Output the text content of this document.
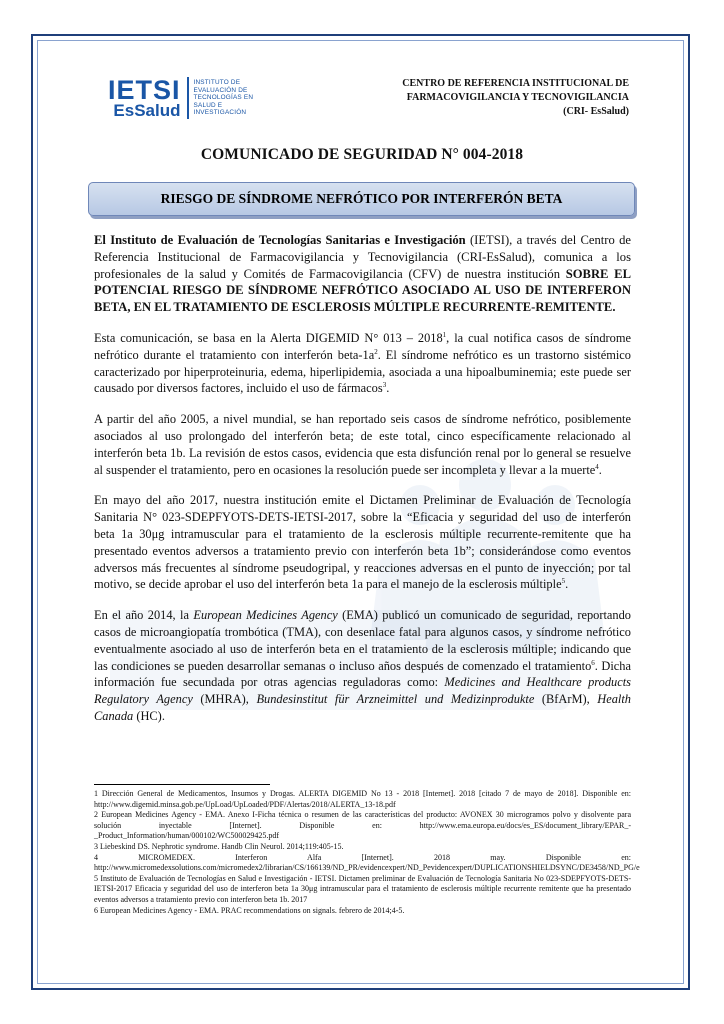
IETSI
EsSalud
INSTITUTO DE
EVALUACIÓN DE
TECNOLOGÍAS EN
SALUD E
INVESTIGACIÓN
CENTRO DE REFERENCIA INSTITUCIONAL DE
FARMACOVIGILANCIA Y TECNOVIGILANCIA
(CRI- EsSalud)
COMUNICADO DE SEGURIDAD N° 004-2018
RIESGO DE SÍNDROME NEFRÓTICO POR INTERFERÓN BETA

El Instituto de Evaluación de Tecnologías Sanitarias e Investigación (IETSI), a través del Centro de Referencia Institucional de Farmacovigilancia y Tecnovigilancia (CRI-EsSalud), comunica a los profesionales de la salud y Comités de Farmacovigilancia (CFV) de nuestra institución SOBRE EL POTENCIAL RIESGO DE SÍNDROME NEFRÓTICO ASOCIADO AL USO DE INTERFERON BETA, EN EL TRATAMIENTO DE ESCLEROSIS MÚLTIPLE RECURRENTE-REMITENTE.

Esta comunicación, se basa en la Alerta DIGEMID N° 013 – 2018$^1$, la cual notifica casos de síndrome nefrótico durante el tratamiento con interferón beta-$1a^2$. El síndrome nefrótico es un trastorno sistémico caracterizado por hiperproteinuria, edema, hiperlipidemia, asociada a una hipoalbuminemia; este puede ser causado por diversos factores, incluido el uso de fármacos$^3$.

A partir del año 2005, a nivel mundial, se han reportado seis casos de síndrome nefrótico, posiblemente asociados al uso prolongado del interferón beta; de este total, cinco específicamente relacionado al interferón beta 1b. La revisión de estos casos, evidencia que esta disfunción renal por lo general se resuelve al suspender el tratamiento, pero en ocasiones la resolución puede ser incompleta y llevar a la muerte$^4$.

En mayo del año 2017, nuestra institución emite el Dictamen Preliminar de Evaluación de Tecnología Sanitaria N° 023-SDEPFYOTS-DETS-IETSI-2017, sobre la “Eficacia y seguridad del uso de interferón beta 1a 30μg intramuscular para el tratamiento de la esclerosis múltiple recurrente-remitente que ha presentado eventos adversos a tratamiento previo con interferón beta 1b”; considerándose como eventos adversos más frecuentes al síndrome pseudogripal, y reacciones adversas en el punto de inyección; por tal motivo, se decide aprobar el uso del interferón beta 1a para el manejo de la esclerosis múltiple$^5$.

En el año 2014, la European Medicines Agency (EMA) publicó un comunicado de seguridad, reportando casos de microangiopatía trombótica (TMA), con desenlace fatal para algunos casos, y síndrome nefrótico eventualmente asociado al uso de interferón beta en el tratamiento de la esclerosis múltiple; indicando que las condiciones se pueden desarrollar semanas o incluso años después de comenzado el tratamiento$^6$. Dicha información fue secundada por otras agencias reguladoras como: Medicines and Healthcare products Regulatory Agency (MHRA), Bundesinstitut für Arzneimittel und Medizinprodukte (BfArM), Health Canada (HC).

1 Dirección General de Medicamentos, Insumos y Drogas. ALERTA DIGEMID No 13 - 2018 [Internet]. 2018 [citado 7 de mayo de 2018]. Disponible en: http://www.digemid.minsa.gob.pe/UpLoad/UpLoaded/PDF/Alertas/2018/ALERTA_13-18.pdf

2 European Medicines Agency - EMA. Anexo I-Ficha técnica o resumen de las características del producto: AVONEX 30 microgramos polvo y disolvente para solución inyectable [Internet]. Disponible en: http://www.ema.europa.eu/docs/es_ES/document_library/EPAR_-_Product_Information/human/000102/WC500029425.pdf

3 Liebeskind DS. Nephrotic syndrome. Handb Clin Neurol. 2014;119:405-15.

4 MICROMEDEX. Interferon Alfa [Internet]. 2018 may. Disponible en: http://www.micromedexsolutions.com/micromedex2/librarian/CS/166139/ND_PR/evidencexpert/ND_Pevidencexpert/DUPLICATIONSHIELDSYNC/DE3458/ND_PG/e

5 Instituto de Evaluación de Tecnologías en Salud e Investigación - IETSI. Dictamen preliminar de Evaluación de Tecnología Sanitaria No 023-SDEPFYOTS-DETS-IETSI-2017 Eficacia y seguridad del uso de interferon beta 1a 30μg intramuscular para el tratamiento de esclerosis múltiple recurrente remitente que ha presentado eventos adversos a tratamiento previo con interferon beta 1b. 2017

6 European Medicines Agency - EMA. PRAC recommendations on signals. febrero de 2014;4-5.
